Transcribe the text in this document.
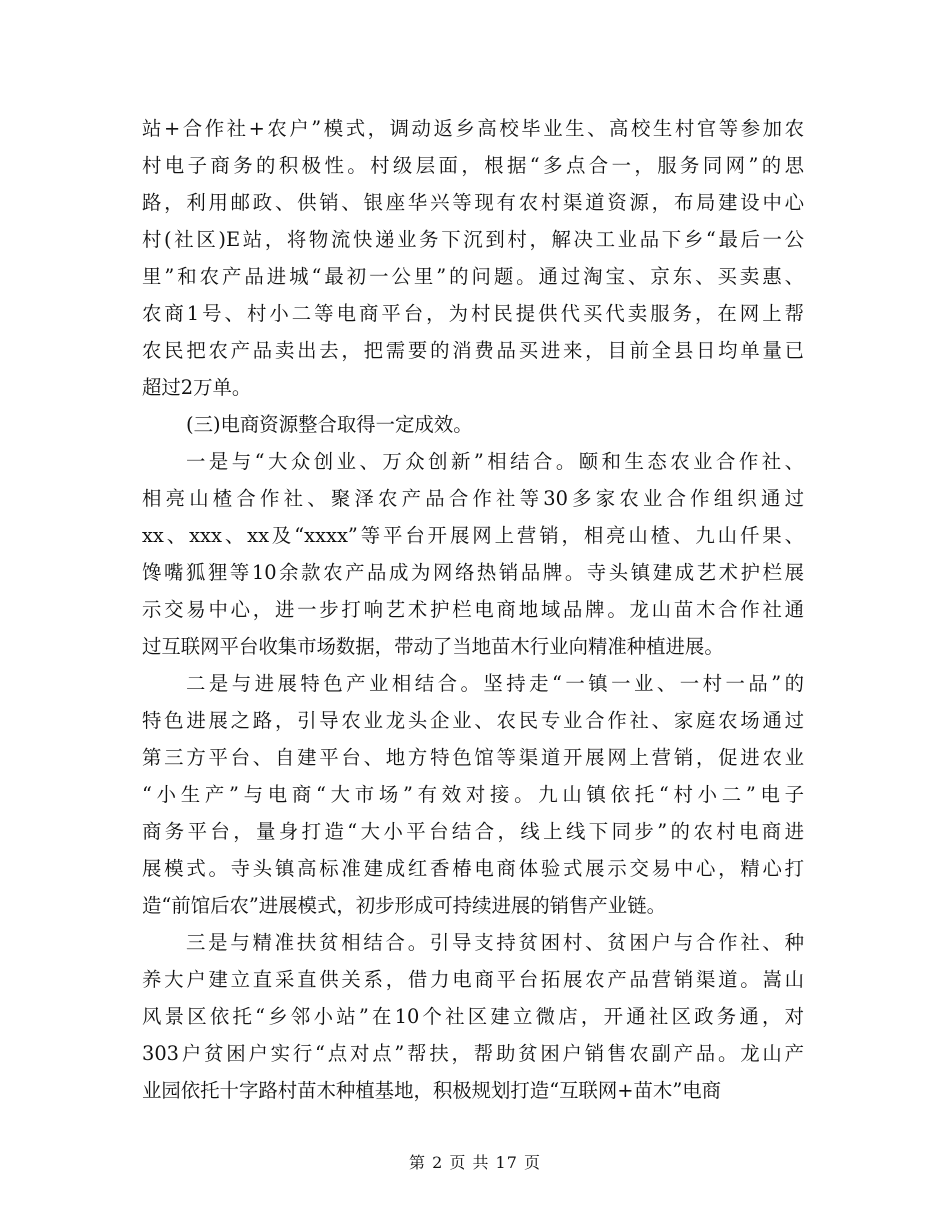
站+合作社+农户”模式，调动返乡高校毕业生、高校生村官等参加农
村电子商务的积极性。村级层面，根据“多点合一，服务同网”的思
路，利用邮政、供销、银座华兴等现有农村渠道资源，布局建设中心
村(社区)E站，将物流快递业务下沉到村，解决工业品下乡“最后一公
里”和农产品进城“最初一公里”的问题。通过淘宝、京东、买卖惠、
农商1号、村小二等电商平台，为村民提供代买代卖服务，在网上帮
农民把农产品卖出去，把需要的消费品买进来，目前全县日均单量已
超过2万单。
(三)电商资源整合取得一定成效。
一是与“大众创业、万众创新”相结合。颐和生态农业合作社、
相亮山楂合作社、聚泽农产品合作社等30多家农业合作组织通过
xx、xxx、xx及“xxxx”等平台开展网上营销，相亮山楂、九山仟果、
馋嘴狐狸等10余款农产品成为网络热销品牌。寺头镇建成艺术护栏展
示交易中心，进一步打响艺术护栏电商地域品牌。龙山苗木合作社通
过互联网平台收集市场数据，带动了当地苗木行业向精准种植进展。
二是与进展特色产业相结合。坚持走“一镇一业、一村一品”的
特色进展之路，引导农业龙头企业、农民专业合作社、家庭农场通过
第三方平台、自建平台、地方特色馆等渠道开展网上营销，促进农业
“小生产”与电商“大市场”有效对接。九山镇依托“村小二”电子
商务平台，量身打造“大小平台结合，线上线下同步”的农村电商进
展模式。寺头镇高标准建成红香椿电商体验式展示交易中心，精心打
造“前馆后农”进展模式，初步形成可持续进展的销售产业链。
三是与精准扶贫相结合。引导支持贫困村、贫困户与合作社、种
养大户建立直采直供关系，借力电商平台拓展农产品营销渠道。嵩山
风景区依托“乡邻小站”在10个社区建立微店，开通社区政务通，对
303户贫困户实行“点对点”帮扶，帮助贫困户销售农副产品。龙山产
业园依托十字路村苗木种植基地，积极规划打造“互联网+苗木”电商
第 2 页 共 17 页
